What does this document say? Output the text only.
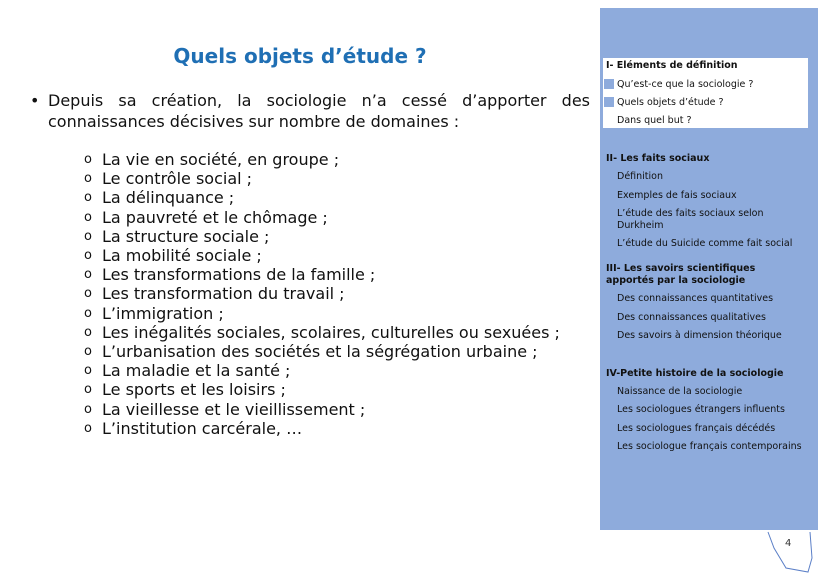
Quels objets d’étude ?
• Depuis sa création, la sociologie n’a cessé d’apporter des connaissances décisives sur nombre de domaines :
o La vie en société, en groupe ;
o Le contrôle social ;
o La délinquance ;
o La pauvreté et le chômage ;
o La structure sociale ;
o La mobilité sociale ;
o Les transformations de la famille ;
o Les transformation du travail ;
o L’immigration ;
o Les inégalités sociales, scolaires, culturelles ou sexuées ;
o L’urbanisation des sociétés et la ségrégation urbaine ;
o La maladie et la santé ;
o Le sports et les loisirs ;
o La vieillesse et le vieillissement ;
o L’institution carcérale, …
I- Eléments de définition
Qu’est-ce que la sociologie ?
Quels objets d’étude ?
Dans quel but ?
II- Les faits sociaux
Définition
Exemples de fais sociaux
L’étude des faits sociaux selon
Durkheim
L’étude du Suicide comme fait social
III- Les savoirs scientifiques
apportés par la sociologie
Des connaissances quantitatives
Des connaissances qualitatives
Des savoirs à dimension théorique
IV-Petite histoire de la sociologie
Naissance de la sociologie
Les sociologues étrangers influents
Les sociologues français décédés
Les sociologue français contemporains
4
